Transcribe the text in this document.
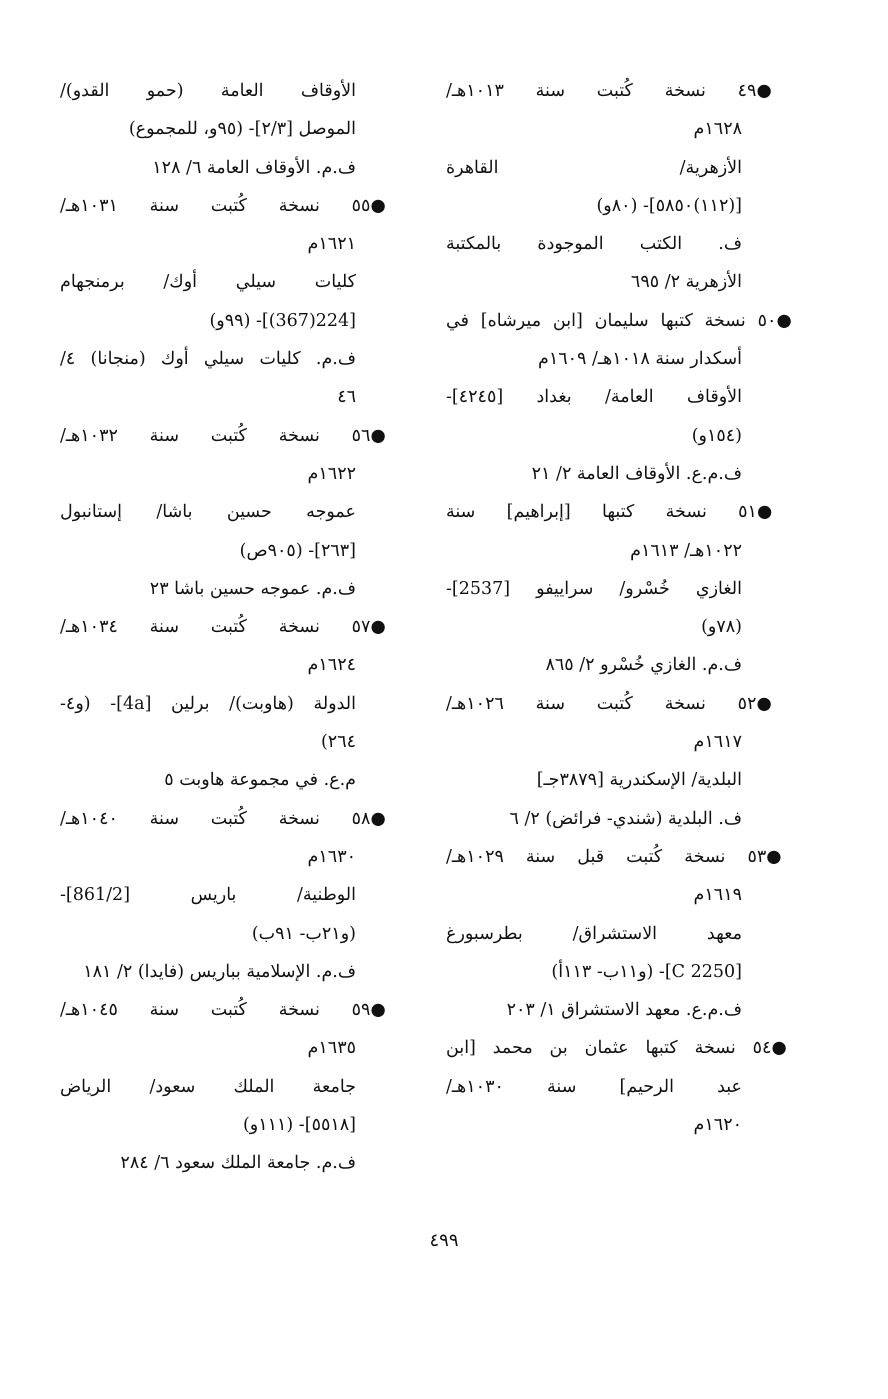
●٤٩ نسخة كُتبت سنة ١٠١٣هـ/
١٦٢٨م
الأزهرية/ القاهرة
[(١١٢)٥٨٥٠]- (٨٠و)
ف. الكتب الموجودة بالمكتبة
الأزهرية ٢/ ٦٩٥
●٥٠ نسخة كتبها سليمان [ابن ميرشاه] في
أسكدار سنة ١٠١٨هـ/ ١٦٠٩م
الأوقاف العامة/ بغداد [٤٢٤٥]-
(١٥٤و)
ف.م.ع. الأوقاف العامة ٢/ ٢١
●٥١ نسخة كتبها [إبراهيم] سنة
١٠٢٢هـ/ ١٦١٣م
الغازي خُسْرو/ سراييفو [2537]-
(٧٨و)
ف.م. الغازي خُسْرو ٢/ ٨٦٥
●٥٢ نسخة كُتبت سنة ١٠٢٦هـ/
١٦١٧م
البلدية/ الإسكندرية [٣٨٧٩جـ]
ف. البلدية (شندي- فرائض) ٢/ ٦
●٥٣ نسخة كُتبت قبل سنة ١٠٢٩هـ/
١٦١٩م
معهد الاستشراق/ بطرسبورغ
[C 2250]- (و١١ب- ١١٣أ)
ف.م.ع. معهد الاستشراق ١/ ٢٠٣
●٥٤ نسخة كتبها عثمان بن محمد [ابن
عبد الرحيم] سنة ١٠٣٠هـ/
١٦٢٠م
الأوقاف العامة (حمو القدو)/
الموصل [٢/٣]- (٩٥و، للمجموع)
ف.م. الأوقاف العامة ٦/ ١٢٨
●٥٥ نسخة كُتبت سنة ١٠٣١هـ/
١٦٢١م
كليات سيلي أوك/ برمنجهام
[224(367)]- (٩٩و)
ف.م. كليات سيلي أوك (منجانا) ٤/
٤٦
●٥٦ نسخة كُتبت سنة ١٠٣٢هـ/
١٦٢٢م
عموجه حسين باشا/ إستانبول
[٢٦٣]- (٩٠٥ص)
ف.م. عموجه حسين باشا ٢٣
●٥٧ نسخة كُتبت سنة ١٠٣٤هـ/
١٦٢٤م
الدولة (هاوبت)/ برلين [4a]- (و٤-
٢٦٤)
م.ع. في مجموعة هاوبت ٥
●٥٨ نسخة كُتبت سنة ١٠٤٠هـ/
١٦٣٠م
الوطنية/ باريس [861/2]-
(و٢١ب- ٩١ب)
ف.م. الإسلامية بباريس (فايدا) ٢/ ١٨١
●٥٩ نسخة كُتبت سنة ١٠٤٥هـ/
١٦٣٥م
جامعة الملك سعود/ الرياض
[٥٥١٨]- (١١١و)
ف.م. جامعة الملك سعود ٦/ ٢٨٤
٤٩٩
